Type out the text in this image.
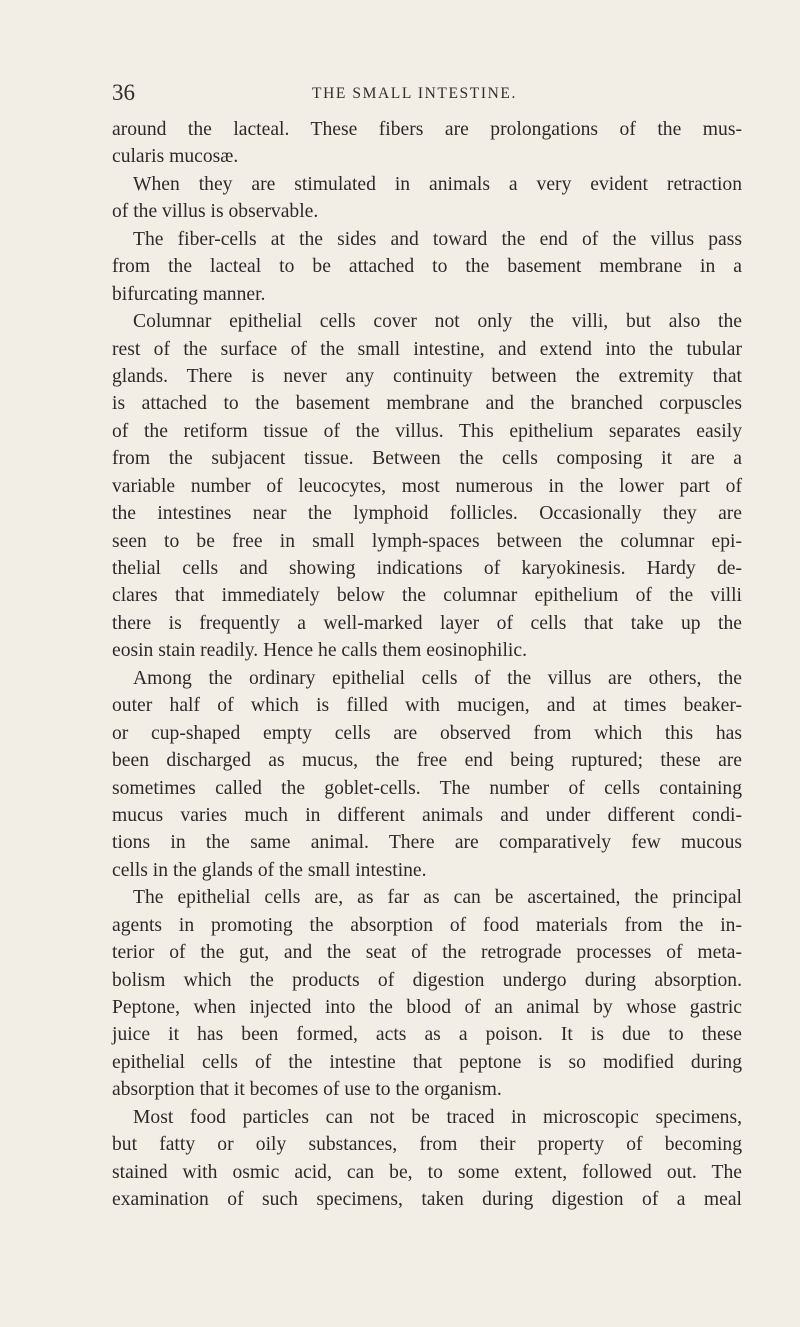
36	THE SMALL INTESTINE.
around the lacteal. These fibers are prolongations of the mus-
cularis mucosæ.
When they are stimulated in animals a very evident retraction
of the villus is observable.
The fiber-cells at the sides and toward the end of the villus pass
from the lacteal to be attached to the basement membrane in a
bifurcating manner.
Columnar epithelial cells cover not only the villi, but also the
rest of the surface of the small intestine, and extend into the tubular
glands. There is never any continuity between the extremity that
is attached to the basement membrane and the branched corpuscles
of the retiform tissue of the villus. This epithelium separates easily
from the subjacent tissue. Between the cells composing it are a
variable number of leucocytes, most numerous in the lower part of
the intestines near the lymphoid follicles. Occasionally they are
seen to be free in small lymph-spaces between the columnar epi-
thelial cells and showing indications of karyokinesis. Hardy de-
clares that immediately below the columnar epithelium of the villi
there is frequently a well-marked layer of cells that take up the
eosin stain readily. Hence he calls them eosinophilic.
Among the ordinary epithelial cells of the villus are others, the
outer half of which is filled with mucigen, and at times beaker-
or cup-shaped empty cells are observed from which this has
been discharged as mucus, the free end being ruptured; these are
sometimes called the goblet-cells. The number of cells containing
mucus varies much in different animals and under different condi-
tions in the same animal. There are comparatively few mucous
cells in the glands of the small intestine.
The epithelial cells are, as far as can be ascertained, the principal
agents in promoting the absorption of food materials from the in-
terior of the gut, and the seat of the retrograde processes of meta-
bolism which the products of digestion undergo during absorption.
Peptone, when injected into the blood of an animal by whose gastric
juice it has been formed, acts as a poison. It is due to these
epithelial cells of the intestine that peptone is so modified during
absorption that it becomes of use to the organism.
Most food particles can not be traced in microscopic specimens,
but fatty or oily substances, from their property of becoming
stained with osmic acid, can be, to some extent, followed out. The
examination of such specimens, taken during digestion of a meal
